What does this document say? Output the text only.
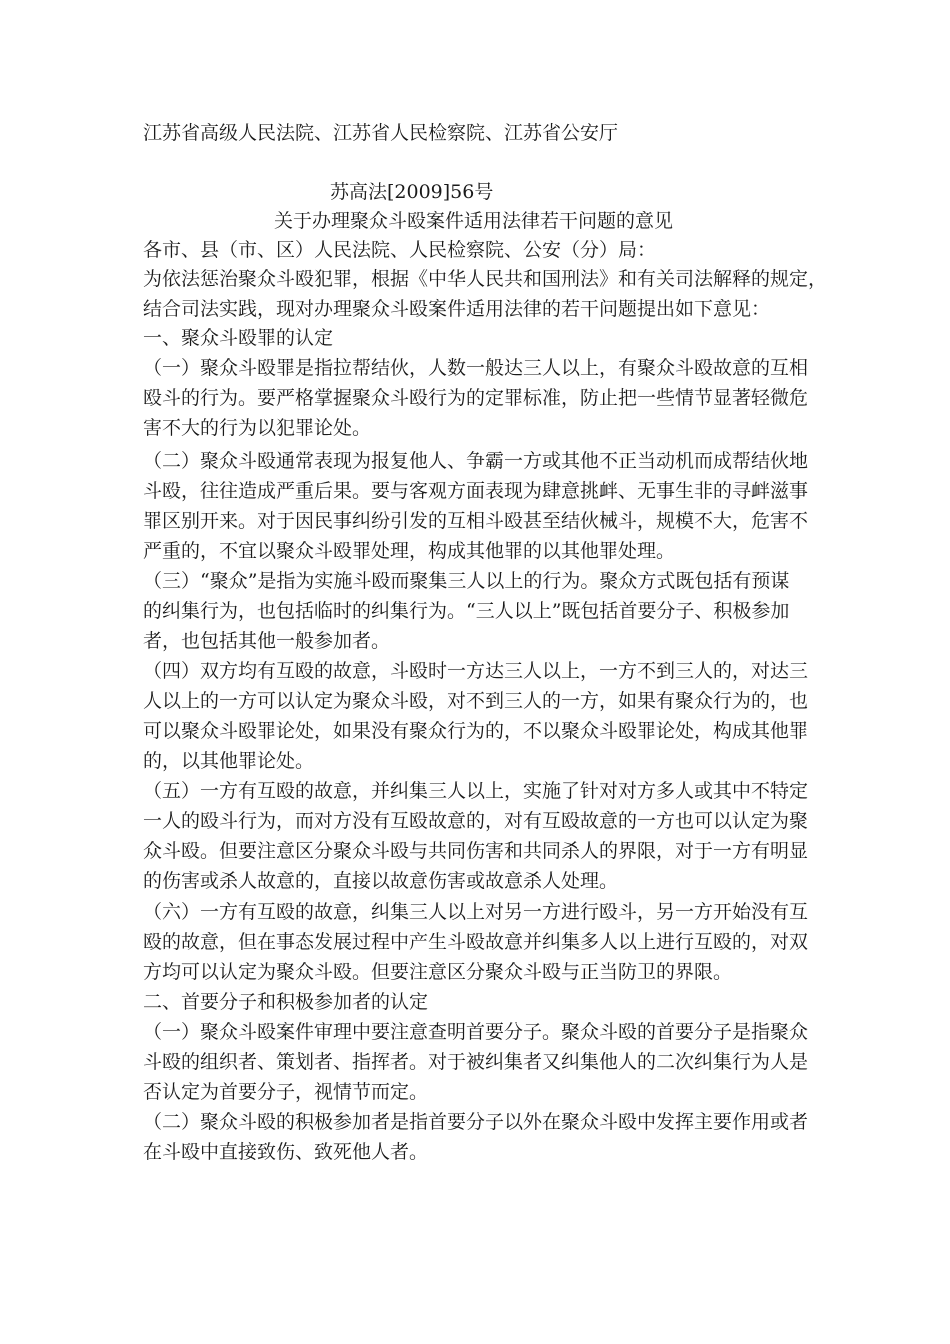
江苏省高级人民法院、江苏省人民检察院、江苏省公安厅
苏高法[2009]56号
关于办理聚众斗殴案件适用法律若干问题的意见
各市、县（市、区）人民法院、人民检察院、公安（分）局：
为依法惩治聚众斗殴犯罪，根据《中华人民共和国刑法》和有关司法解释的规定，
结合司法实践，现对办理聚众斗殴案件适用法律的若干问题提出如下意见：
一、聚众斗殴罪的认定
（一）聚众斗殴罪是指拉帮结伙，人数一般达三人以上，有聚众斗殴故意的互相
殴斗的行为。要严格掌握聚众斗殴行为的定罪标准，防止把一些情节显著轻微危
害不大的行为以犯罪论处。
（二）聚众斗殴通常表现为报复他人、争霸一方或其他不正当动机而成帮结伙地
斗殴，往往造成严重后果。要与客观方面表现为肆意挑衅、无事生非的寻衅滋事
罪区别开来。对于因民事纠纷引发的互相斗殴甚至结伙械斗，规模不大，危害不
严重的，不宜以聚众斗殴罪处理，构成其他罪的以其他罪处理。
（三）“聚众”是指为实施斗殴而聚集三人以上的行为。聚众方式既包括有预谋
的纠集行为，也包括临时的纠集行为。“三人以上”既包括首要分子、积极参加
者，也包括其他一般参加者。
（四）双方均有互殴的故意，斗殴时一方达三人以上，一方不到三人的，对达三
人以上的一方可以认定为聚众斗殴，对不到三人的一方，如果有聚众行为的，也
可以聚众斗殴罪论处，如果没有聚众行为的，不以聚众斗殴罪论处，构成其他罪
的，以其他罪论处。
（五）一方有互殴的故意，并纠集三人以上，实施了针对对方多人或其中不特定
一人的殴斗行为，而对方没有互殴故意的，对有互殴故意的一方也可以认定为聚
众斗殴。但要注意区分聚众斗殴与共同伤害和共同杀人的界限，对于一方有明显
的伤害或杀人故意的，直接以故意伤害或故意杀人处理。
（六）一方有互殴的故意，纠集三人以上对另一方进行殴斗，另一方开始没有互
殴的故意，但在事态发展过程中产生斗殴故意并纠集多人以上进行互殴的，对双
方均可以认定为聚众斗殴。但要注意区分聚众斗殴与正当防卫的界限。
二、首要分子和积极参加者的认定
（一）聚众斗殴案件审理中要注意查明首要分子。聚众斗殴的首要分子是指聚众
斗殴的组织者、策划者、指挥者。对于被纠集者又纠集他人的二次纠集行为人是
否认定为首要分子，视情节而定。
（二）聚众斗殴的积极参加者是指首要分子以外在聚众斗殴中发挥主要作用或者
在斗殴中直接致伤、致死他人者。
